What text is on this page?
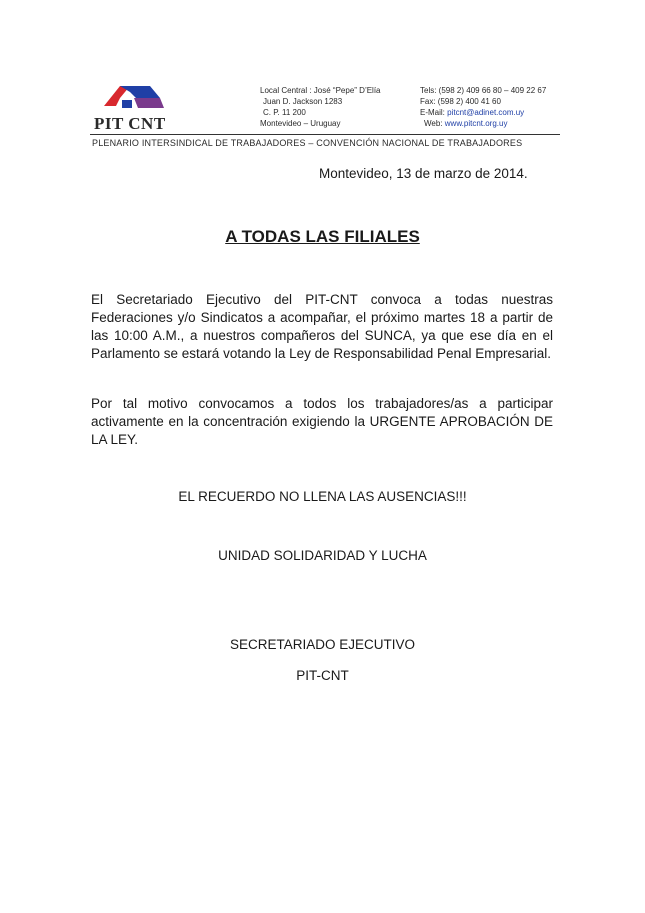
PIT CNT
Local Central : José “Pepe” D’Elía
Juan D. Jackson 1283
C. P. 11 200
Montevideo – Uruguay
Tels: (598 2) 409 66 80 – 409 22 67
Fax: (598 2) 400 41 60
E-Mail: pitcnt@adinet.com.uy
Web: www.pitcnt.org.uy
PLENARIO INTERSINDICAL DE TRABAJADORES – CONVENCIÓN NACIONAL DE TRABAJADORES
Montevideo, 13 de marzo de 2014.
A TODAS LAS FILIALES
El Secretariado Ejecutivo del PIT-CNT convoca a todas nuestras Federaciones y/o Sindicatos a acompañar, el próximo martes 18 a partir de las 10:00 A.M., a nuestros compañeros del SUNCA, ya que ese día en el Parlamento se estará votando la Ley de Responsabilidad Penal Empresarial.
Por tal motivo convocamos a todos los trabajadores/as a participar activamente en la concentración exigiendo la URGENTE APROBACIÓN DE LA LEY.
EL RECUERDO NO LLENA LAS AUSENCIAS!!!
UNIDAD SOLIDARIDAD Y LUCHA
SECRETARIADO EJECUTIVO
PIT-CNT
